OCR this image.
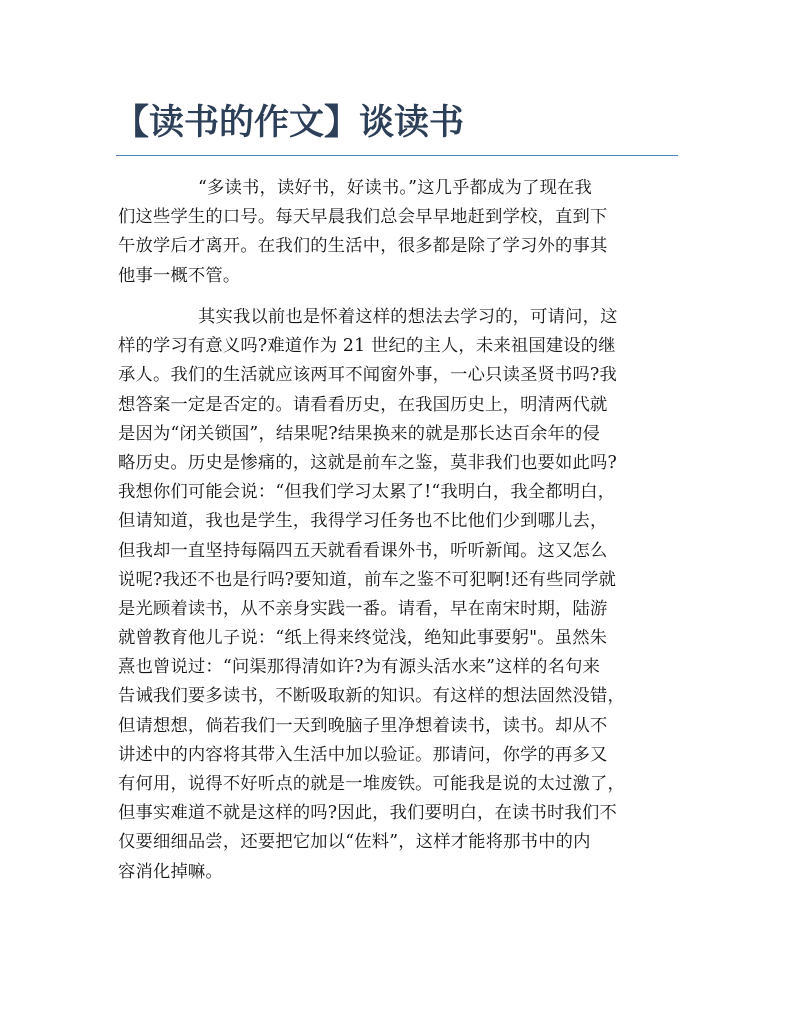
【读书的作文】谈读书
“多读书，读好书，好读书。”这几乎都成为了现在我
们这些学生的口号。每天早晨我们总会早早地赶到学校，直到下
午放学后才离开。在我们的生活中，很多都是除了学习外的事其
他事一概不管。
其实我以前也是怀着这样的想法去学习的，可请问，这
样的学习有意义吗?难道作为 21 世纪的主人，未来祖国建设的继
承人。我们的生活就应该两耳不闻窗外事，一心只读圣贤书吗?我
想答案一定是否定的。请看看历史，在我国历史上，明清两代就
是因为“闭关锁国”，结果呢?结果换来的就是那长达百余年的侵
略历史。历史是惨痛的，这就是前车之鉴，莫非我们也要如此吗?
我想你们可能会说：“但我们学习太累了!“我明白，我全都明白，
但请知道，我也是学生，我得学习任务也不比他们少到哪儿去，
但我却一直坚持每隔四五天就看看课外书，听听新闻。这又怎么
说呢?我还不也是行吗?要知道，前车之鉴不可犯啊!还有些同学就
是光顾着读书，从不亲身实践一番。请看，早在南宋时期，陆游
就曾教育他儿子说：“纸上得来终觉浅，绝知此事要躬"。虽然朱
熹也曾说过：“问渠那得清如许?为有源头活水来”这样的名句来
告诫我们要多读书，不断吸取新的知识。有这样的想法固然没错，
但请想想，倘若我们一天到晚脑子里净想着读书，读书。却从不
讲述中的内容将其带入生活中加以验证。那请问，你学的再多又
有何用，说得不好听点的就是一堆废铁。可能我是说的太过激了，
但事实难道不就是这样的吗?因此，我们要明白，在读书时我们不
仅要细细品尝，还要把它加以“佐料”，这样才能将那书中的内
容消化掉嘛。
